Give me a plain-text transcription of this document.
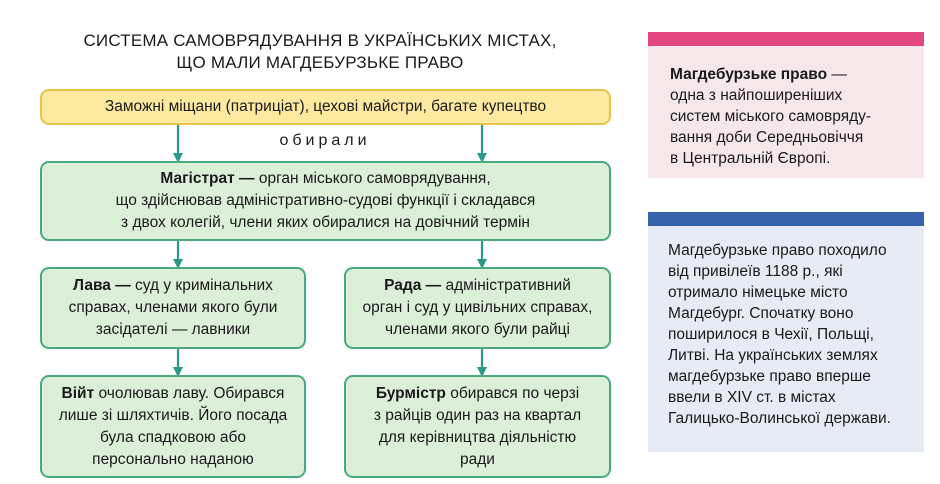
СИСТЕМА САМОВРЯДУВАННЯ В УКРАЇНСЬКИХ МІСТАХ,
ЩО МАЛИ МАГДЕБУРЗЬКЕ ПРАВО
Заможні міщани (патриціат), цехові майстри, багате купецтво
обирали
Магістрат — орган міського самоврядування,
що здійснював адміністративно-судові функції і складався
з двох колегій, члени яких обиралися на довічний термін
Лава — суд у кримінальних
справах, членами якого були
засідателі — лавники
Рада — адміністративний
орган і суд у цивільних справах,
членами якого були райці
Війт очолював лаву. Обирався
лише зі шляхтичів. Його посада
була спадковою або
персонально наданою
Бурмістр обирався по черзі
з райців один раз на квартал
для керівництва діяльністю
ради
Магдебурзьке право —
одна з найпоширеніших
систем міського самоврядy-
вання доби Середньовіччя
в Центральній Європі.
Магдебурзьке право походило
від привілеїв 1188 р., які
отримало німецьке місто
Магдебург. Спочатку воно
поширилося в Чехії, Польщі,
Литві. На українських землях
магдебурзьке право вперше
ввели в XIV ст. в містах
Галицько-Волинської держави.
